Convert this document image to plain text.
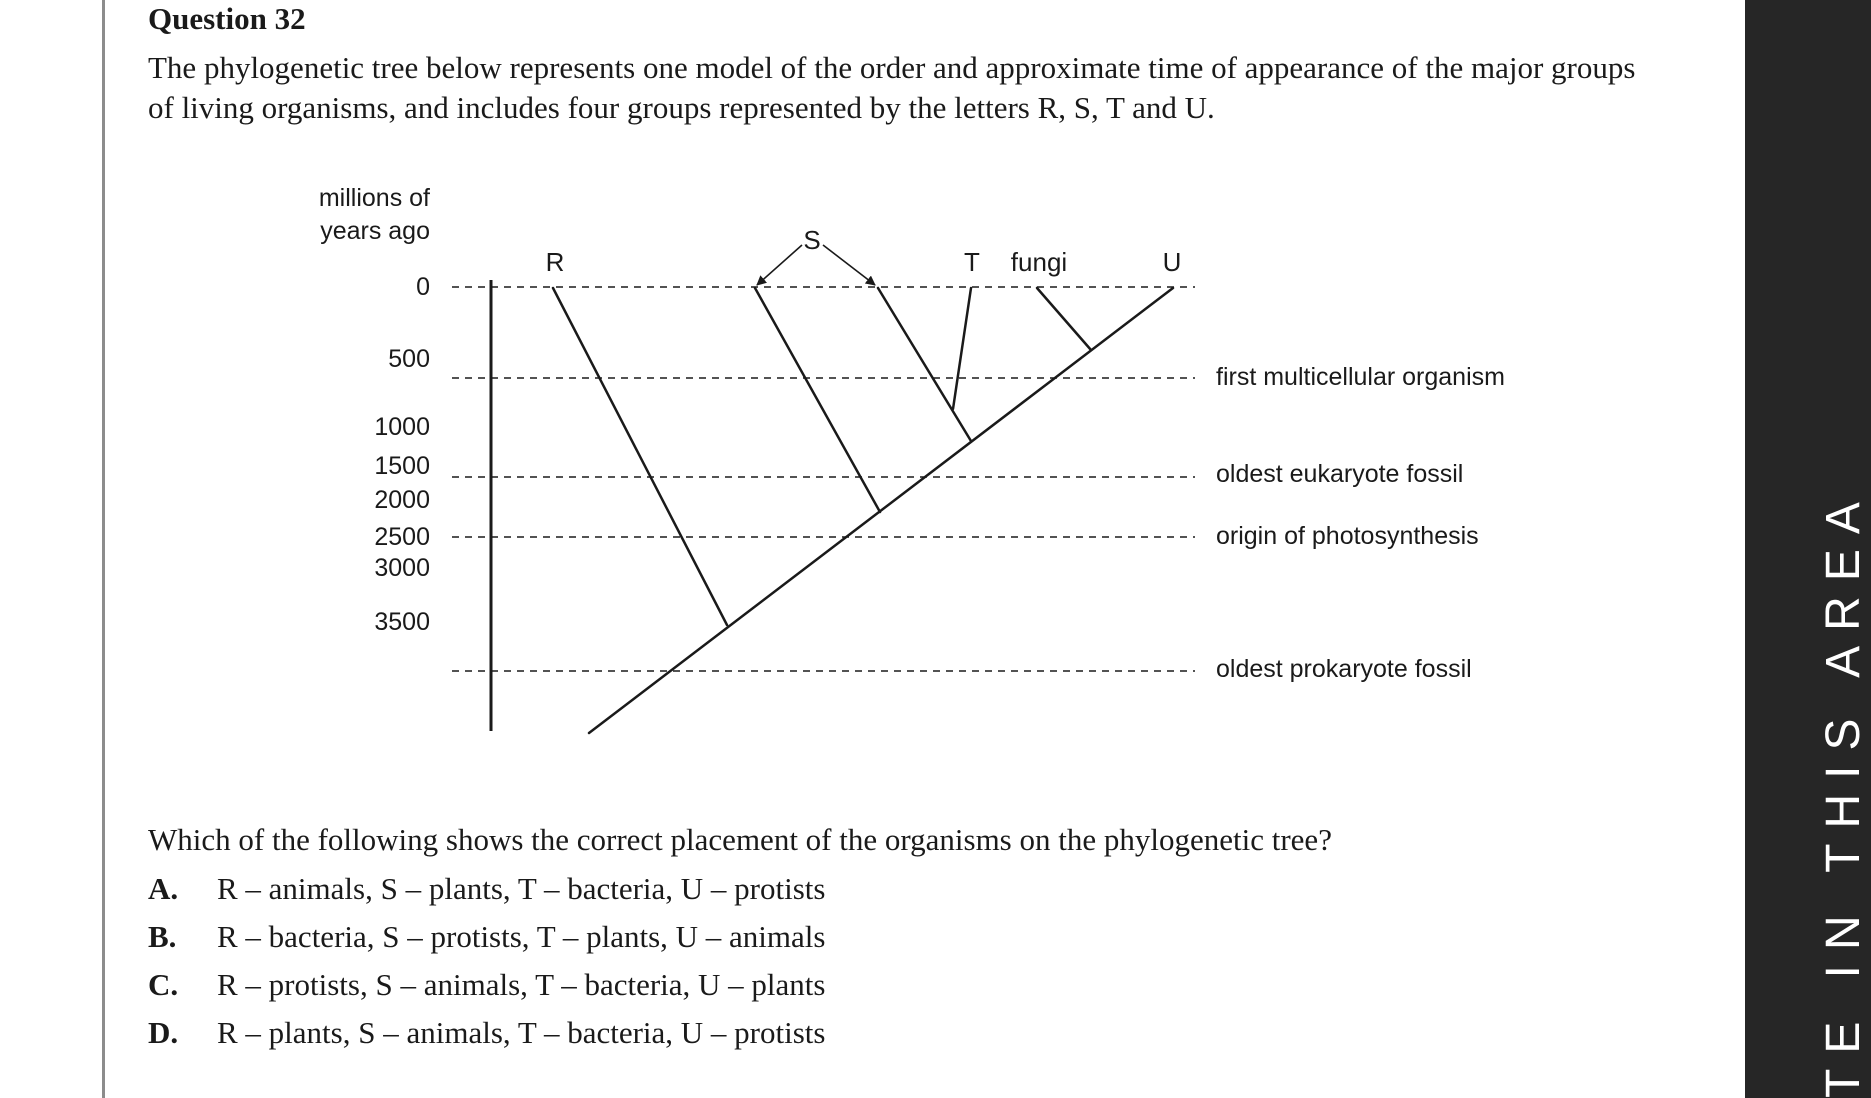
Question 32

The phylogenetic tree below represents one model of the order and approximate time of appearance of the major groups of living organisms, and includes four groups represented by the letters R, S, T and U.

millions of
years ago
0
500
1000
1500
2000
2500
3000
3500
R
S
T fungi	U
first multicellular organism
oldest eukaryote fossil
origin of photosynthesis
oldest prokaryote fossil

Which of the following shows the correct placement of the organisms on the phylogenetic tree?

A. R – animals, S – plants, T – bacteria, U – protists
B. R – bacteria, S – protists, T – plants, U – animals
C. R – protists, S – animals, T – bacteria, U – plants
D. R – plants, S – animals, T – bacteria, U – protists	TE IN THIS AREA
